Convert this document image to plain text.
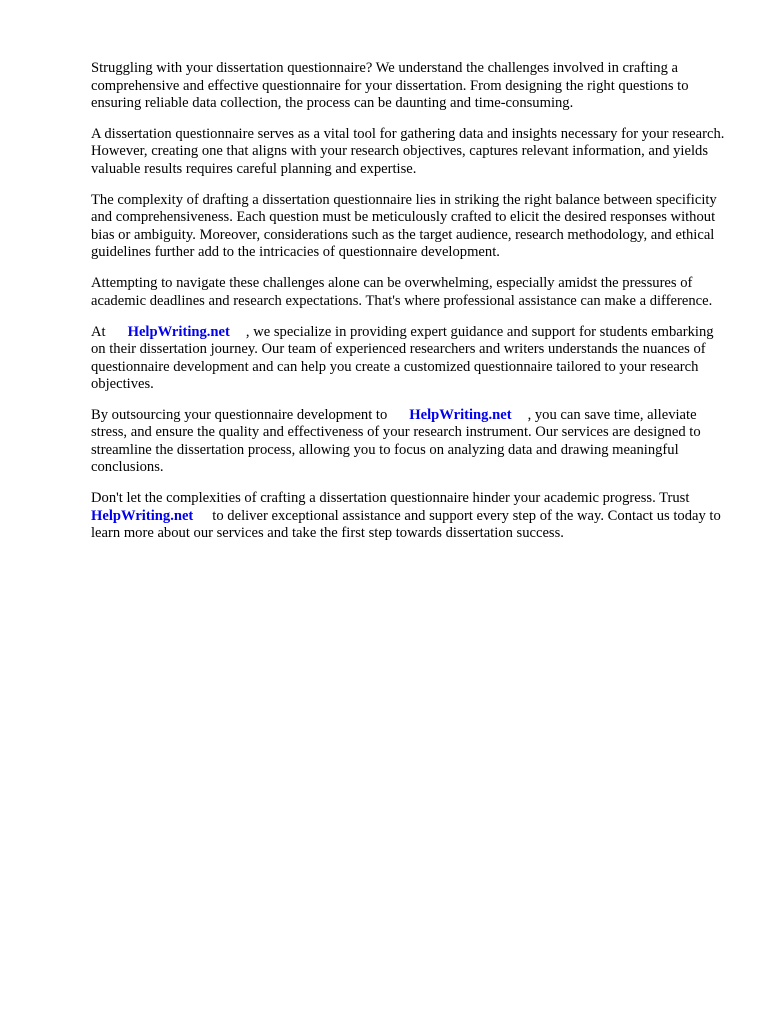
Struggling with your dissertation questionnaire? We understand the challenges involved in crafting a comprehensive and effective questionnaire for your dissertation. From designing the right questions to ensuring reliable data collection, the process can be daunting and time-consuming.

A dissertation questionnaire serves as a vital tool for gathering data and insights necessary for your research. However, creating one that aligns with your research objectives, captures relevant information, and yields valuable results requires careful planning and expertise.

The complexity of drafting a dissertation questionnaire lies in striking the right balance between specificity and comprehensiveness. Each question must be meticulously crafted to elicit the desired responses without bias or ambiguity. Moreover, considerations such as the target audience, research methodology, and ethical guidelines further add to the intricacies of questionnaire development.

Attempting to navigate these challenges alone can be overwhelming, especially amidst the pressures of academic deadlines and research expectations. That's where professional assistance can make a difference.

At HelpWriting.net , we specialize in providing expert guidance and support for students embarking on their dissertation journey. Our team of experienced researchers and writers understands the nuances of questionnaire development and can help you create a customized questionnaire tailored to your research objectives.

By outsourcing your questionnaire development to HelpWriting.net , you can save time, alleviate stress, and ensure the quality and effectiveness of your research instrument. Our services are designed to streamline the dissertation process, allowing you to focus on analyzing data and drawing meaningful conclusions.

Don't let the complexities of crafting a dissertation questionnaire hinder your academic progress. TrustHelpWriting.net to deliver exceptional assistance and support every step of the way. Contact us today to learn more about our services and take the first step towards dissertation success.
